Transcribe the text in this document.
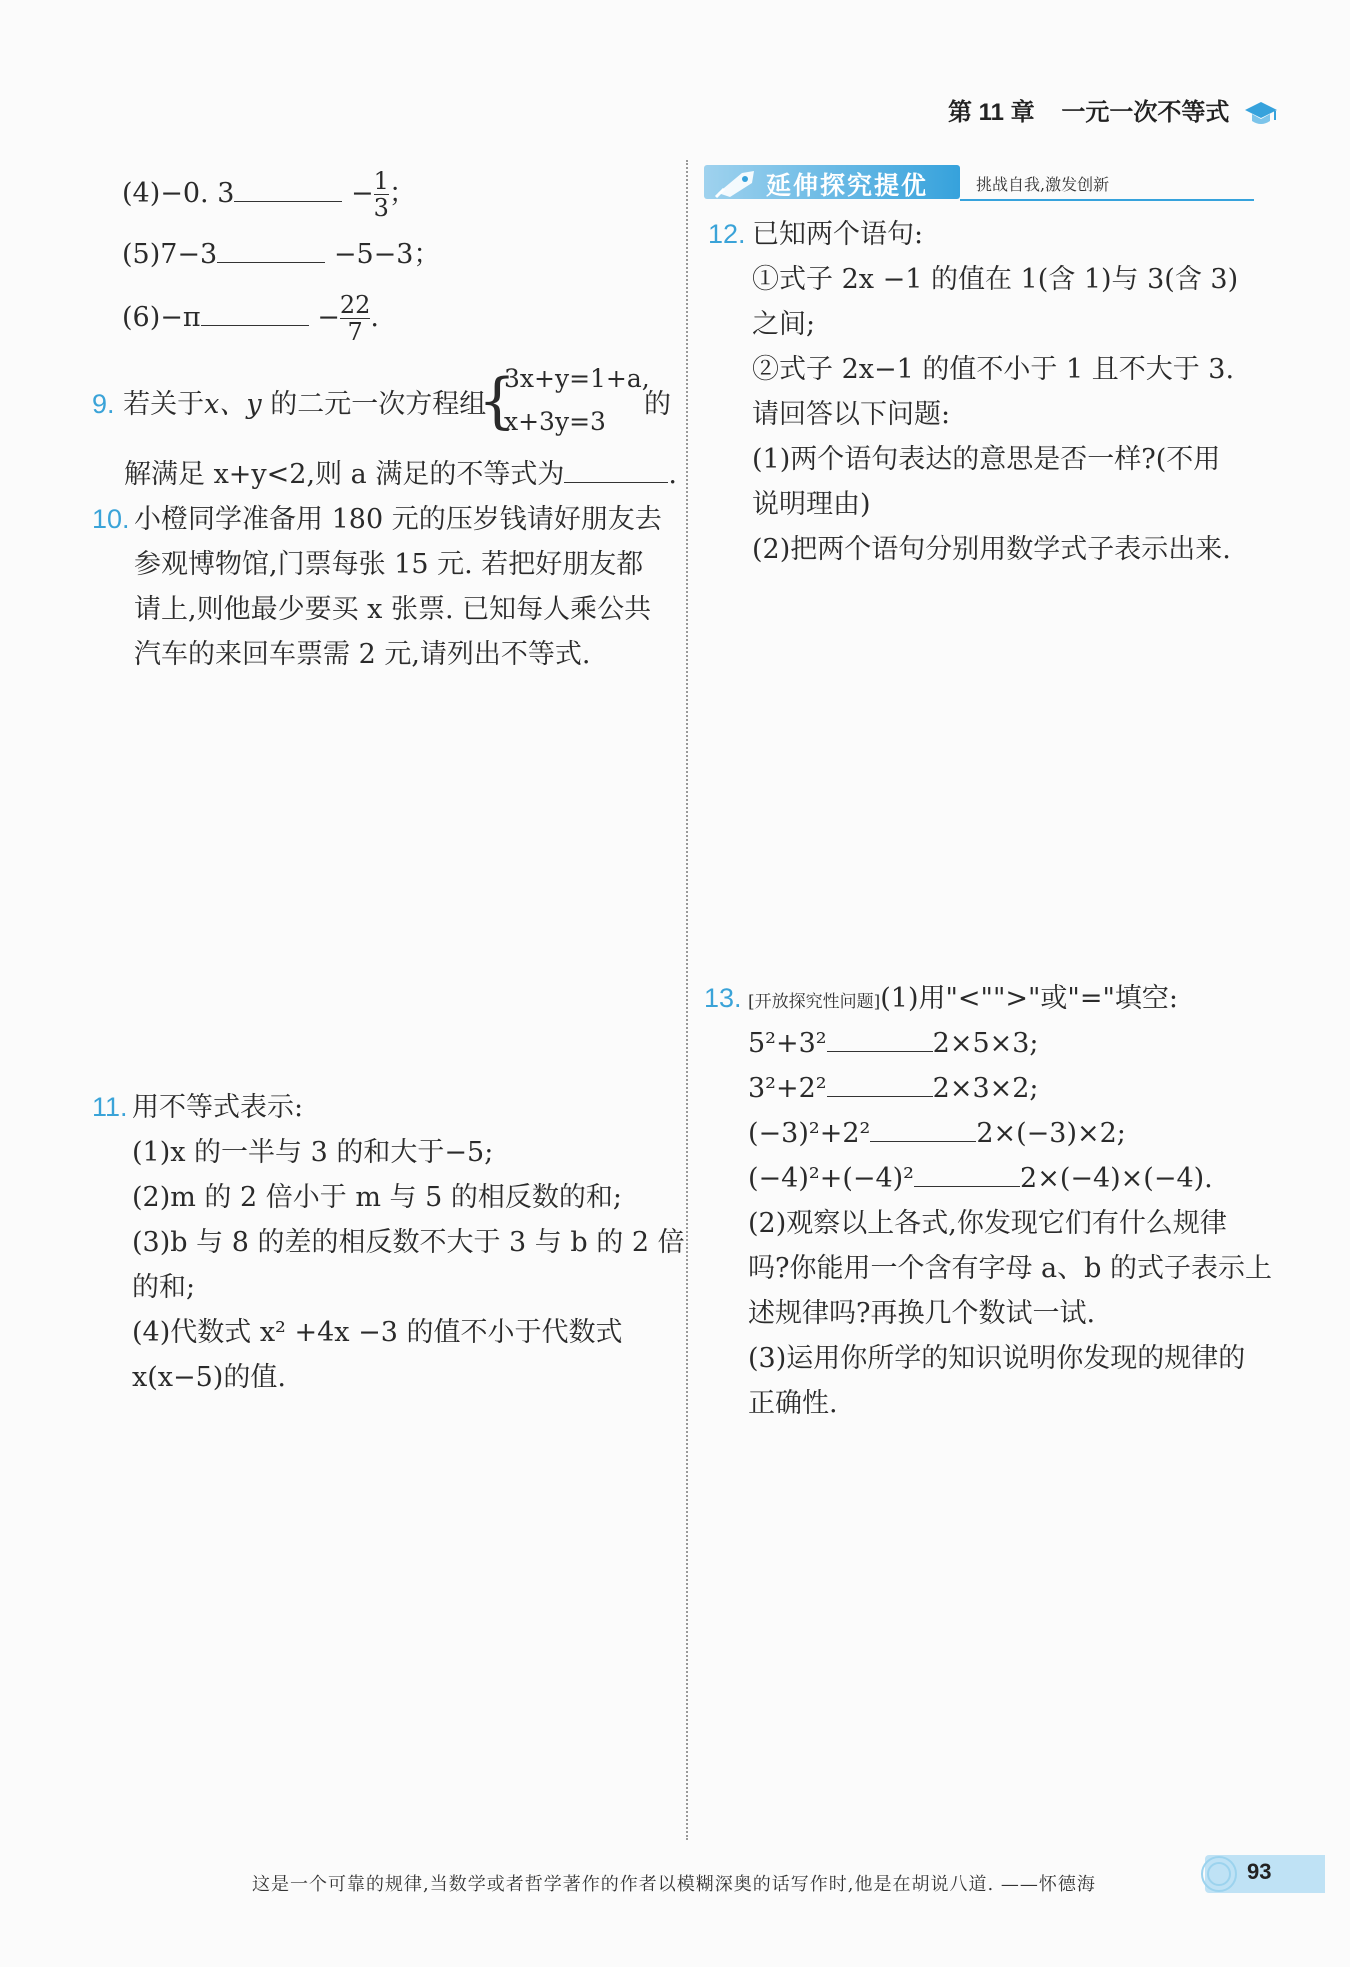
第 11 章 一元一次不等式
(4)−0. 3	− $\frac{1}{3}$ ；
(5)7−3	−5−3；
(6)−π	− $\frac{22}{7}$ .
9. 若关于x、y 的二元一次方程组
{
3x+y=1+a,
x+3y=3
的
解满足 x+y<2,则 a 满足的不等式为	.
10. 小橙同学准备用 180 元的压岁钱请好朋友去
参观博物馆,门票每张 15 元. 若把好朋友都
请上,则他最少要买 x 张票. 已知每人乘公共
汽车的来回车票需 2 元,请列出不等式.
11. 用不等式表示:
(1)x 的一半与 3 的和大于−5;
(2)m 的 2 倍小于 m 与 5 的相反数的和;
(3)b 与 8 的差的相反数不大于 3 与 b 的 2 倍
的和;
(4)代数式 x² +4x −3 的值不小于代数式
x(x−5)的值.
延伸探究提优	挑战自我,激发创新
12. 已知两个语句:
①式子 2x −1 的值在 1(含 1)与 3(含 3)
之间;
②式子 2x−1 的值不小于 1 且不大于 3.
请回答以下问题:
(1)两个语句表达的意思是否一样?(不用
说明理由)
(2)把两个语句分别用数学式子表示出来.
13. [开放探究性问题](1)用"<"">"或"="填空:
5²+3²	2×5×3;
3²+2²	2×3×2;
(−3)²+2²	2×(−3)×2;
(−4)²+(−4)²	2×(−4)×(−4).
(2)观察以上各式,你发现它们有什么规律
吗?你能用一个含有字母 a、b 的式子表示上
述规律吗?再换几个数试一试.
(3)运用你所学的知识说明你发现的规律的
正确性.
这是一个可靠的规律,当数学或者哲学著作的作者以模糊深奥的话写作时,他是在胡说八道. ——怀德海
93
